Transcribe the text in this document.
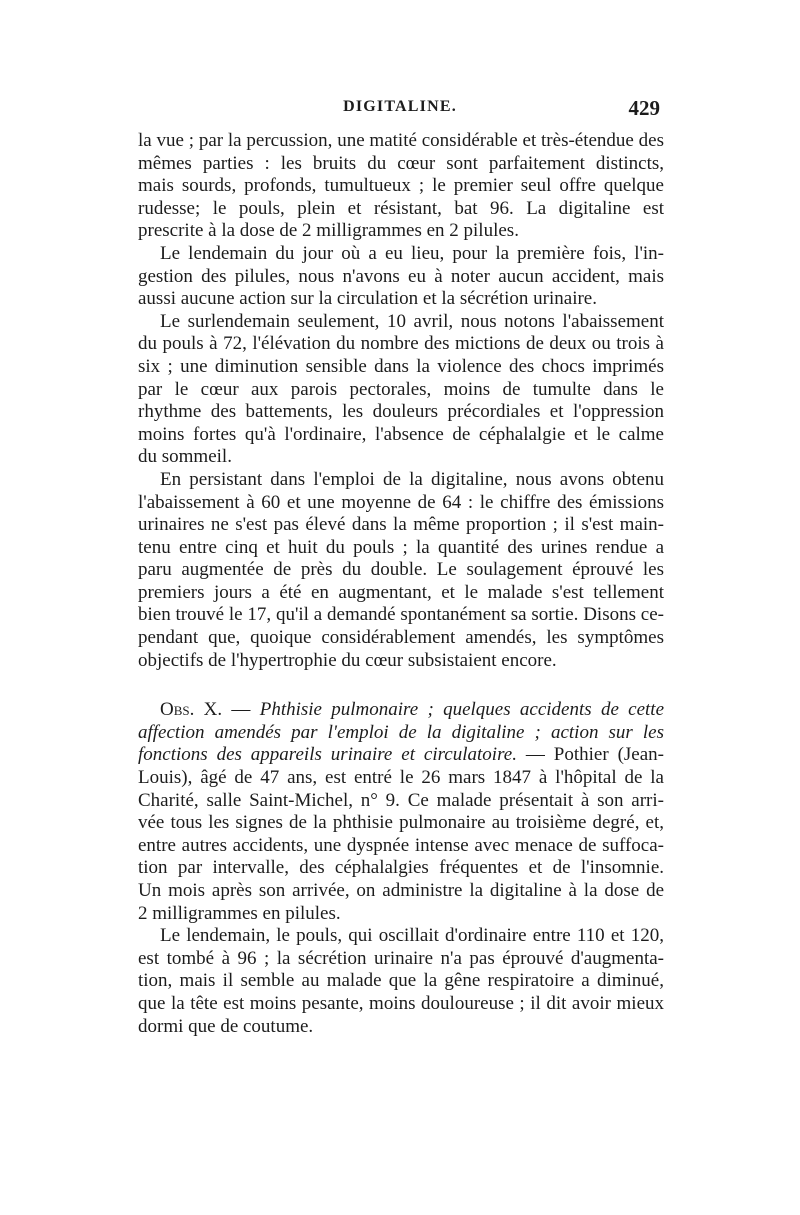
DIGITALINE.	429
la vue ; par la percussion, une matité considérable et très-étendue des
mêmes parties : les bruits du cœur sont parfaitement distincts,
mais sourds, profonds, tumultueux ; le premier seul offre quelque
rudesse; le pouls, plein et résistant, bat 96. La digitaline est
prescrite à la dose de 2 milligrammes en 2 pilules.
Le lendemain du jour où a eu lieu, pour la première fois, l'in-
gestion des pilules, nous n'avons eu à noter aucun accident, mais
aussi aucune action sur la circulation et la sécrétion urinaire.
Le surlendemain seulement, 10 avril, nous notons l'abaissement
du pouls à 72, l'élévation du nombre des mictions de deux ou trois à
six ; une diminution sensible dans la violence des chocs imprimés
par le cœur aux parois pectorales, moins de tumulte dans le
rhythme des battements, les douleurs précordiales et l'oppression
moins fortes qu'à l'ordinaire, l'absence de céphalalgie et le calme
du sommeil.
En persistant dans l'emploi de la digitaline, nous avons obtenu
l'abaissement à 60 et une moyenne de 64 : le chiffre des émissions
urinaires ne s'est pas élevé dans la même proportion ; il s'est main-
tenu entre cinq et huit du pouls ; la quantité des urines rendue a
paru augmentée de près du double. Le soulagement éprouvé les
premiers jours a été en augmentant, et le malade s'est tellement
bien trouvé le 17, qu'il a demandé spontanément sa sortie. Disons ce-
pendant que, quoique considérablement amendés, les symptômes
objectifs de l'hypertrophie du cœur subsistaient encore.
Obs. X. — Phthisie pulmonaire ; quelques accidents de cette
affection amendés par l'emploi de la digitaline ; action sur les
fonctions des appareils urinaire et circulatoire. — Pothier (Jean-
Louis), âgé de 47 ans, est entré le 26 mars 1847 à l'hôpital de la
Charité, salle Saint-Michel, n° 9. Ce malade présentait à son arri-
vée tous les signes de la phthisie pulmonaire au troisième degré, et,
entre autres accidents, une dyspnée intense avec menace de suffoca-
tion par intervalle, des céphalalgies fréquentes et de l'insomnie.
Un mois après son arrivée, on administre la digitaline à la dose de
2 milligrammes en pilules.
Le lendemain, le pouls, qui oscillait d'ordinaire entre 110 et 120,
est tombé à 96 ; la sécrétion urinaire n'a pas éprouvé d'augmenta-
tion, mais il semble au malade que la gêne respiratoire a diminué,
que la tête est moins pesante, moins douloureuse ; il dit avoir mieux
dormi que de coutume.
